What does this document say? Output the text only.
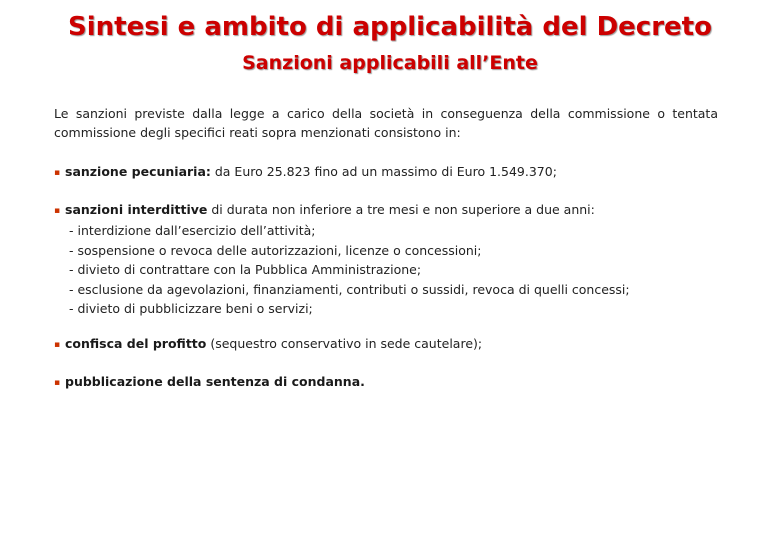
Sintesi e ambito di applicabilità del Decreto
Sanzioni applicabili all’Ente
Le sanzioni previste dalla legge a carico della società in conseguenza della commissione o tentata commissione degli specifici reati sopra menzionati consistono in:
▪ sanzione pecuniaria: da Euro 25.823 fino ad un massimo di Euro 1.549.370;
▪ sanzioni interdittive di durata non inferiore a tre mesi e non superiore a due anni:
- interdizione dall’esercizio dell’attività;
- sospensione o revoca delle autorizzazioni, licenze o concessioni;
- divieto di contrattare con la Pubblica Amministrazione;
- esclusione da agevolazioni, finanziamenti, contributi o sussidi, revoca di quelli concessi;
- divieto di pubblicizzare beni o servizi;
▪ confisca del profitto (sequestro conservativo in sede cautelare);
▪ pubblicazione della sentenza di condanna.
